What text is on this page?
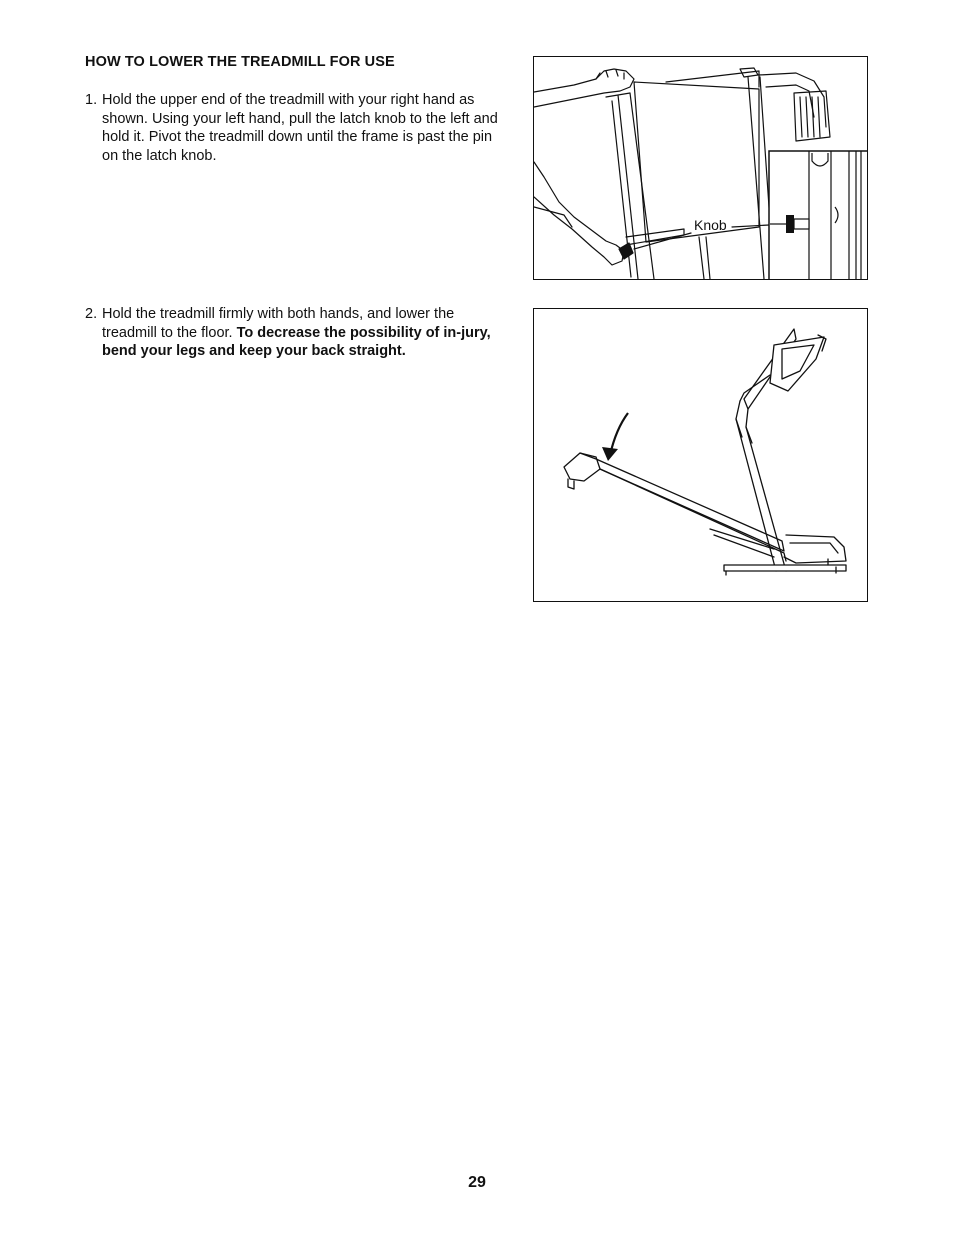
HOW TO LOWER THE TREADMILL FOR USE
1. Hold the upper end of the treadmill with your right hand as shown. Using your left hand, pull the latch knob to the left and hold it. Pivot the treadmill down until the frame is past the pin on the latch knob.
2. Hold the treadmill firmly with both hands, and lower the treadmill to the floor. To decrease the possibility of in-jury, bend your legs and keep your back straight.
Knob
29
